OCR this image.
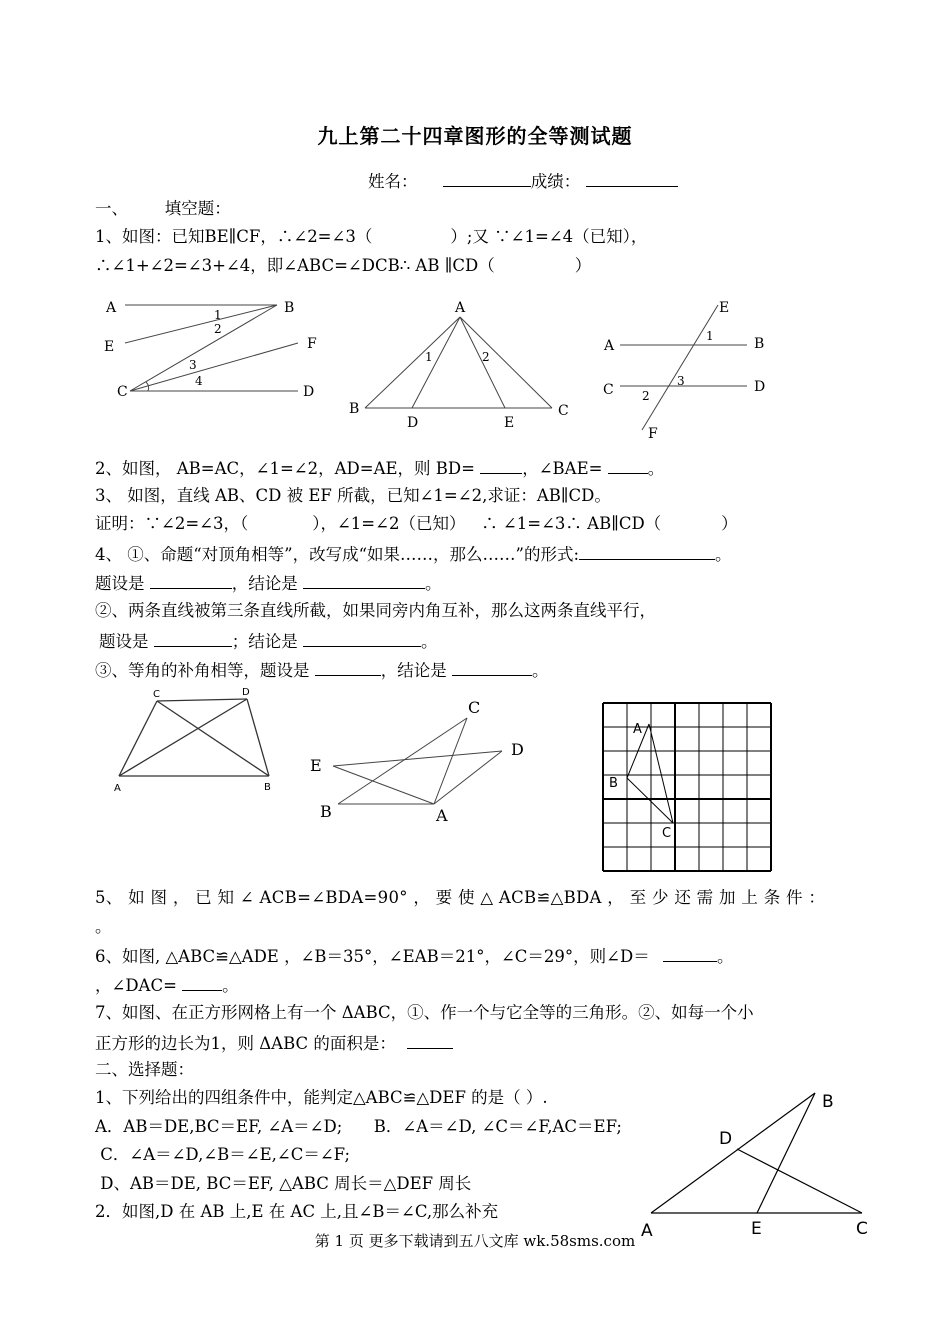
九上第二十四章图形的全等测试题
姓名：	成绩：
一、       填空题：
1、如图：已知BE∥CF，∴∠2=∠3（	）;又 ∵∠1=∠4（已知），
∴∠1+∠2=∠3+∠4，即∠ABC=∠DCB∴ AB ∥CD（	）
A	B
E	F
C	D
1
2
3
4
A
B	C
D	E
1	2
E
A	B
C	D
F
1
2
3
2、如图， AB=AC，∠1=∠2，AD=AE，则 BD=	，∠BAE=	。
3、 如图，直线 AB、CD 被 EF 所截，已知∠1=∠2,求证：AB∥CD。
证明：∵∠2=∠3，（	），∠1=∠2（已知）   ∴ ∠1=∠3∴ AB∥CD（	）
4、 ①、命题“对顶角相等”，改写成“如果……，那么……”的形式:	。
题设是	，结论是	。
②、两条直线被第三条直线所截，如果同旁内角互补，那么这两条直线平行，
题设是	；结论是	。
③、等角的补角相等，题设是	，结论是	。
A	B
C	D
C
D
E
B	A
A
B
C
5、 如 图 ， 已 知 ∠ ACB=∠BDA=90° ， 要 使 △ ACB≌△BDA ， 至 少 还 需 加 上 条 件 ：
。
6、如图, △ABC≌△ADE ，∠B＝35°，∠EAB＝21°，∠C＝29°，则∠D＝	。
，∠DAC=	。
7、如图、在正方形网格上有一个 ΔABC，①、作一个与它全等的三角形。②、如每一个小
正方形的边长为1，则 ΔABC 的面积是：
二、选择题：
1、下列给出的四组条件中，能判定△ABC≌△DEF 的是（ ）.
A．AB＝DE,BC＝EF, ∠A＝∠D;      B．∠A＝∠D, ∠C＝∠F,AC＝EF;
C．∠A＝∠D,∠B＝∠E,∠C＝∠F;
D、AB＝DE, BC＝EF, △ABC 周长＝△DEF 周长
2．如图,D 在 AB 上,E 在 AC 上,且∠B＝∠C,那么补充
B
D
A	E	C
第 1 页 更多下载请到五八文库 wk.58sms.com
